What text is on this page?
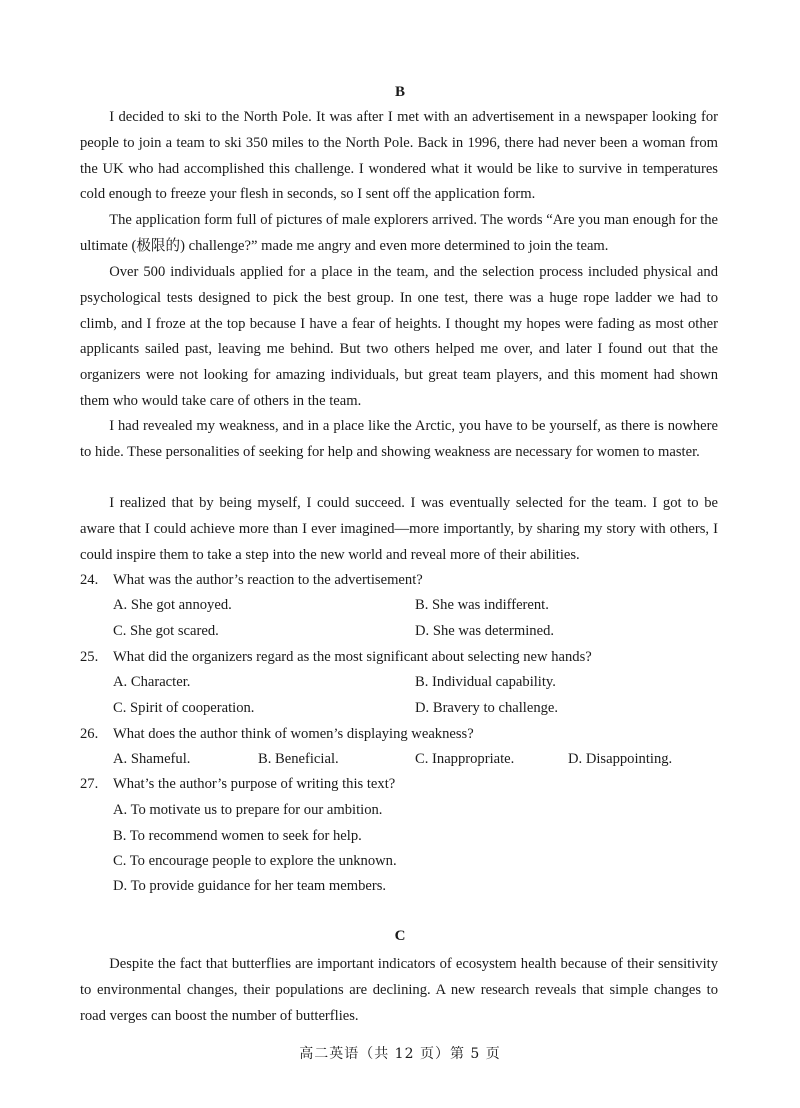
B

I decided to ski to the North Pole. It was after I met with an advertisement in a newspaper looking for people to join a team to ski 350 miles to the North Pole. Back in 1996, there had never been a woman from the UK who had accomplished this challenge. I wondered what it would be like to survive in temperatures cold enough to freeze your flesh in seconds, so I sent off the application form.

The application form full of pictures of male explorers arrived. The words “Are you man enough for the ultimate (极限的) challenge?” made me angry and even more determined to join the team.

Over 500 individuals applied for a place in the team, and the selection process included physical and psychological tests designed to pick the best group. In one test, there was a huge rope ladder we had to climb, and I froze at the top because I have a fear of heights. I thought my hopes were fading as most other applicants sailed past, leaving me behind. But two others helped me over, and later I found out that the organizers were not looking for amazing individuals, but great team players, and this moment had shown them who would take care of others in the team.

I had revealed my weakness, and in a place like the Arctic, you have to be yourself, as there is nowhere to hide. These personalities of seeking for help and showing weakness are necessary for women to master.

I realized that by being myself, I could succeed. I was eventually selected for the team. I got to be aware that I could achieve more than I ever imagined—more importantly, by sharing my story with others, I could inspire them to take a step into the new world and reveal more of their abilities.

24. What was the author’s reaction to the advertisement?
A. She got annoyed.	B. She was indifferent.
C. She got scared.	D. She was determined.
25. What did the organizers regard as the most significant about selecting new hands?
A. Character.	B. Individual capability.
C. Spirit of cooperation.	D. Bravery to challenge.
26. What does the author think of women’s displaying weakness?
A. Shameful.	B. Beneficial.	C. Inappropriate.	D. Disappointing.
27. What’s the author’s purpose of writing this text?
A. To motivate us to prepare for our ambition.
B. To recommend women to seek for help.
C. To encourage people to explore the unknown.
D. To provide guidance for her team members.
C

Despite the fact that butterflies are important indicators of ecosystem health because of their sensitivity to environmental changes, their populations are declining. A new research reveals that simple changes to road verges can boost the number of butterflies.

高二英语（共 12 页）第 5 页
